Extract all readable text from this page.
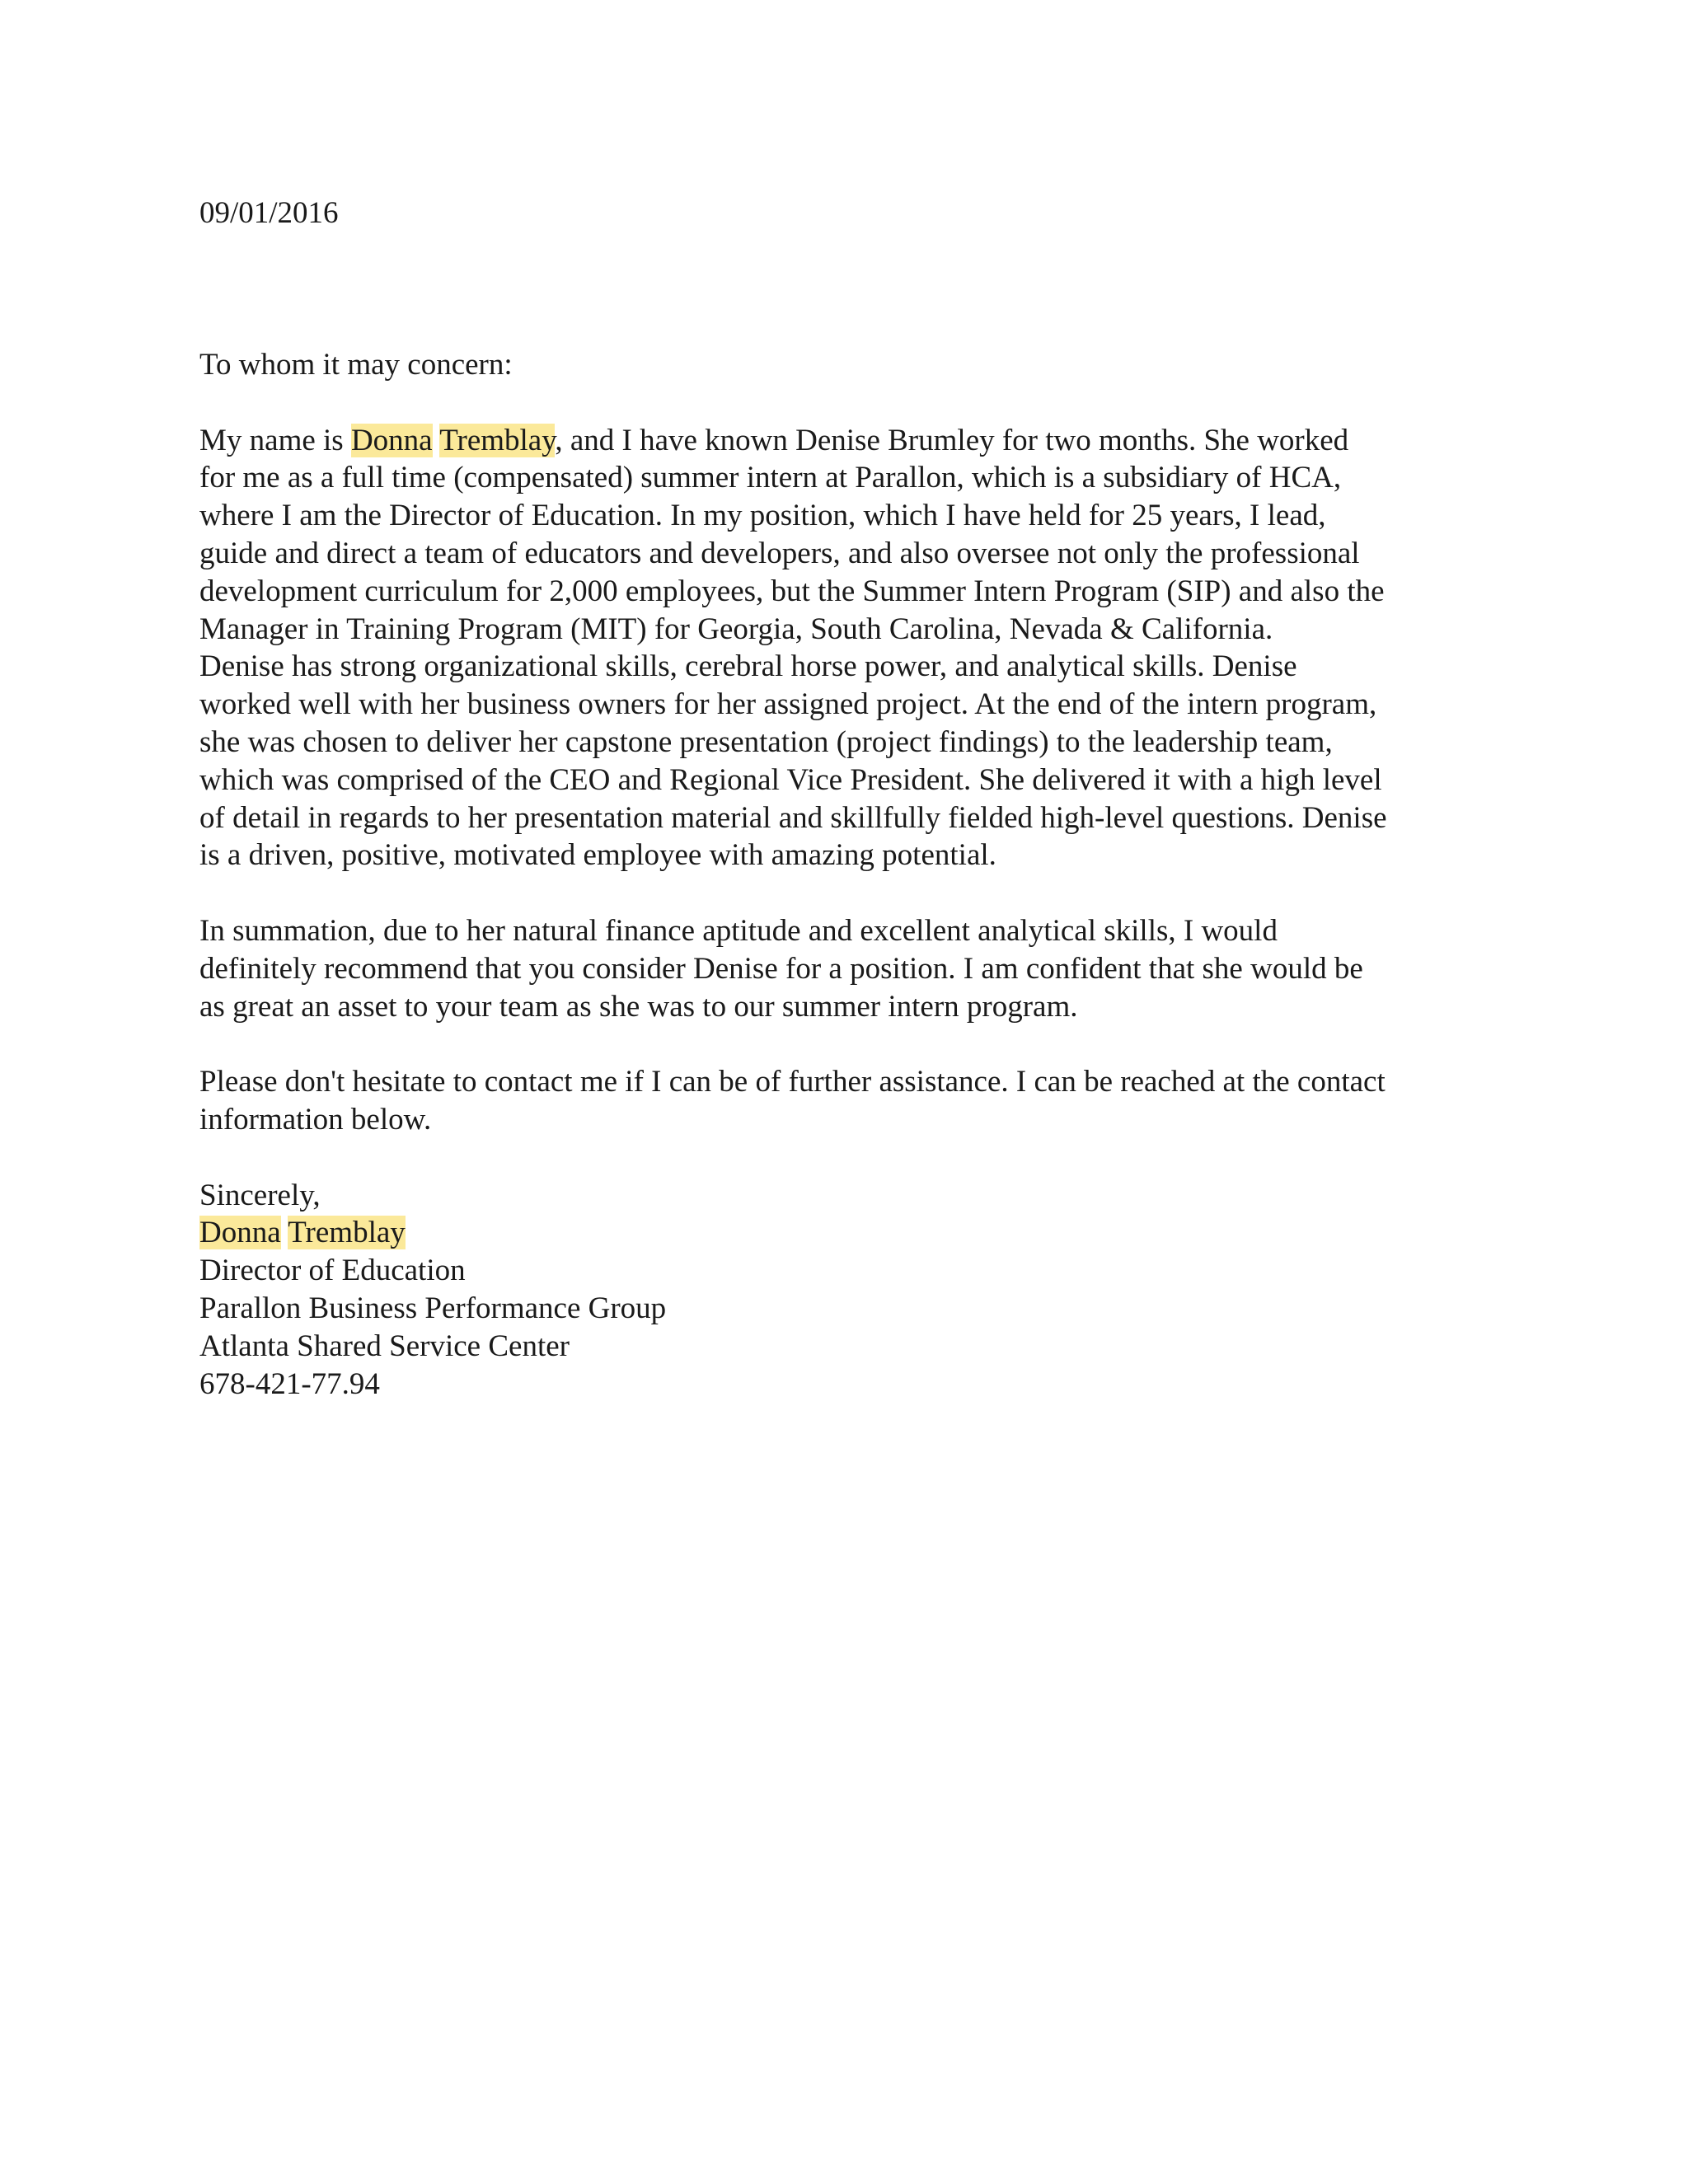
09/01/2016
To whom it may concern:
My name is Donna Tremblay, and I have known Denise Brumley for two months. She worked
for me as a full time (compensated) summer intern at Parallon, which is a subsidiary of HCA,
where I am the Director of Education. In my position, which I have held for 25 years, I lead,
guide and direct a team of educators and developers, and also oversee not only the professional
development curriculum for 2,000 employees, but the Summer Intern Program (SIP) and also the
Manager in Training Program (MIT) for Georgia, South Carolina, Nevada & California.
Denise has strong organizational skills, cerebral horse power, and analytical skills. Denise
worked well with her business owners for her assigned project. At the end of the intern program,
she was chosen to deliver her capstone presentation (project findings) to the leadership team,
which was comprised of the CEO and Regional Vice President. She delivered it with a high level
of detail in regards to her presentation material and skillfully fielded high-level questions. Denise
is a driven, positive, motivated employee with amazing potential.
In summation, due to her natural finance aptitude and excellent analytical skills, I would
definitely recommend that you consider Denise for a position. I am confident that she would be
as great an asset to your team as she was to our summer intern program.
Please don't hesitate to contact me if I can be of further assistance. I can be reached at the contact
information below.
Sincerely,
Donna Tremblay
Director of Education
Parallon Business Performance Group
Atlanta Shared Service Center
678-421-77.94
